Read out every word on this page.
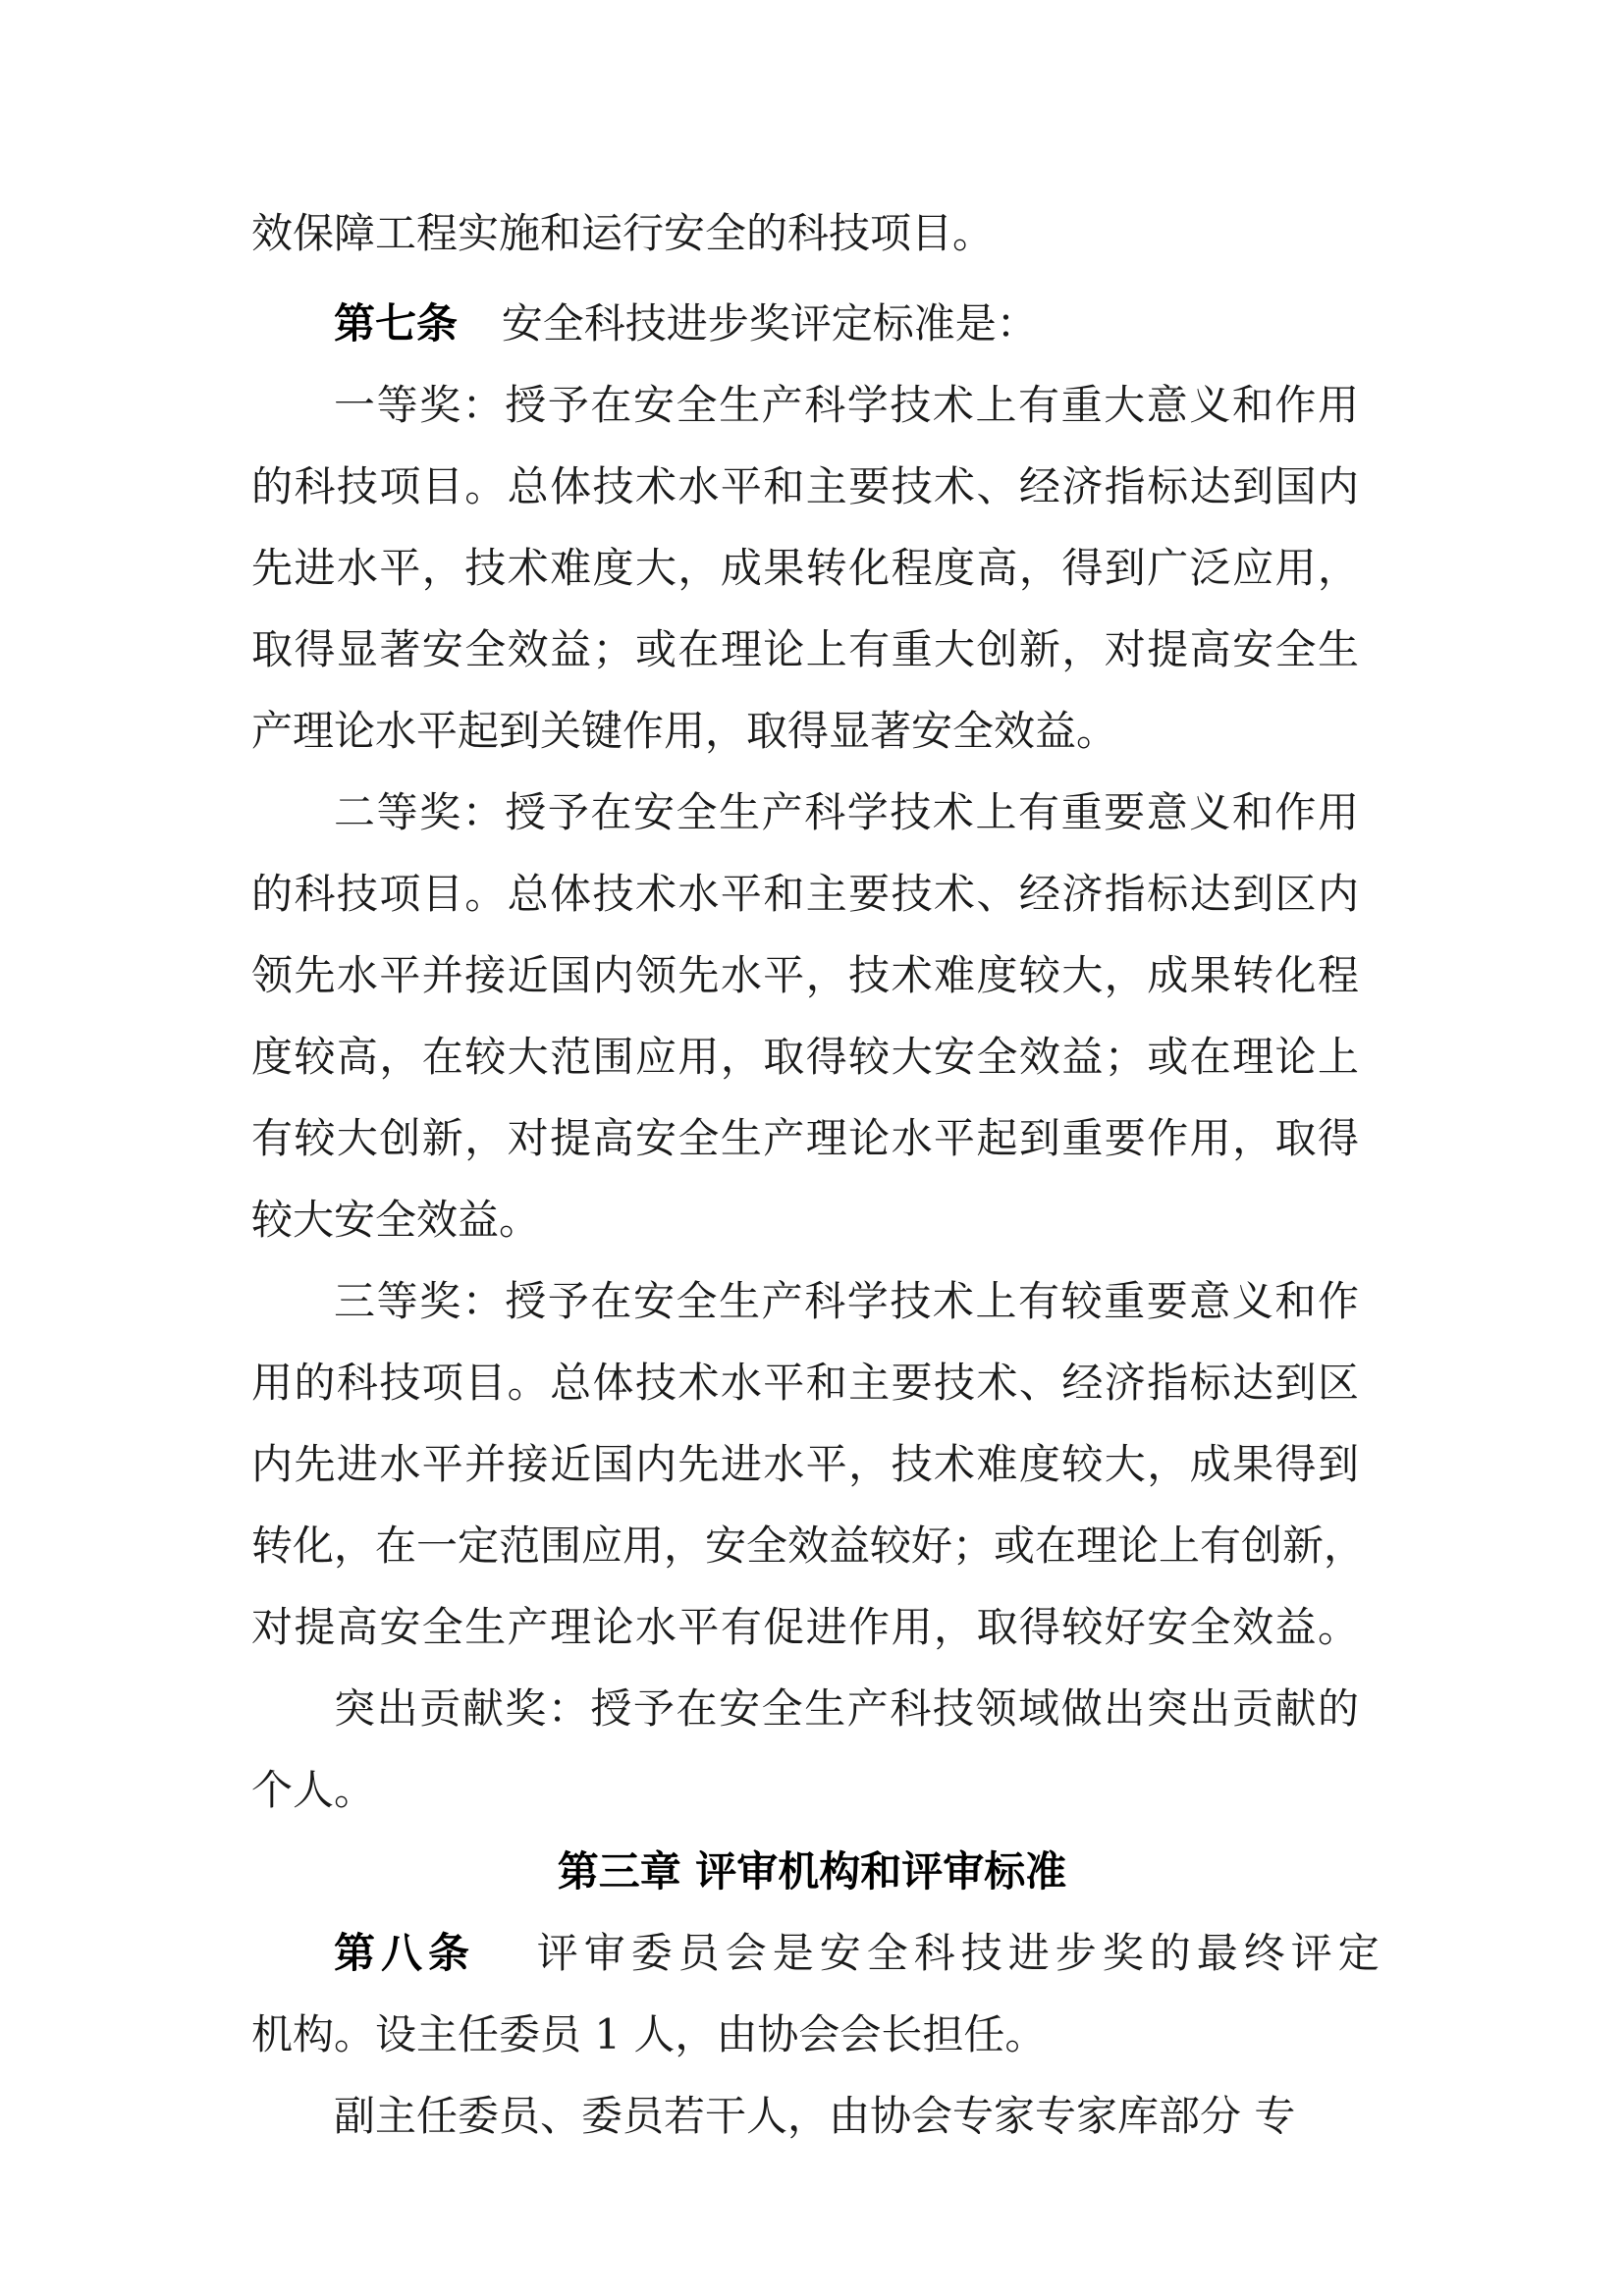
效保障工程实施和运行安全的科技项目。
第七条 安全科技进步奖评定标准是：
一等奖：授予在安全生产科学技术上有重大意义和作用
的科技项目。总体技术水平和主要技术、经济指标达到国内
先进水平，技术难度大，成果转化程度高，得到广泛应用，
取得显著安全效益；或在理论上有重大创新，对提高安全生
产理论水平起到关键作用，取得显著安全效益。
二等奖：授予在安全生产科学技术上有重要意义和作用
的科技项目。总体技术水平和主要技术、经济指标达到区内
领先水平并接近国内领先水平，技术难度较大，成果转化程
度较高，在较大范围应用，取得较大安全效益；或在理论上
有较大创新，对提高安全生产理论水平起到重要作用，取得
较大安全效益。
三等奖：授予在安全生产科学技术上有较重要意义和作
用的科技项目。总体技术水平和主要技术、经济指标达到区
内先进水平并接近国内先进水平，技术难度较大，成果得到
转化，在一定范围应用，安全效益较好；或在理论上有创新，
对提高安全生产理论水平有促进作用，取得较好安全效益。
突出贡献奖：授予在安全生产科技领域做出突出贡献的
个人。
第三章 评审机构和评审标准
第八条 评审委员会是安全科技进步奖的最终评定
机构。设主任委员 1 人，由协会会长担任。
副主任委员、委员若干人，由协会专家专家库部分 专
